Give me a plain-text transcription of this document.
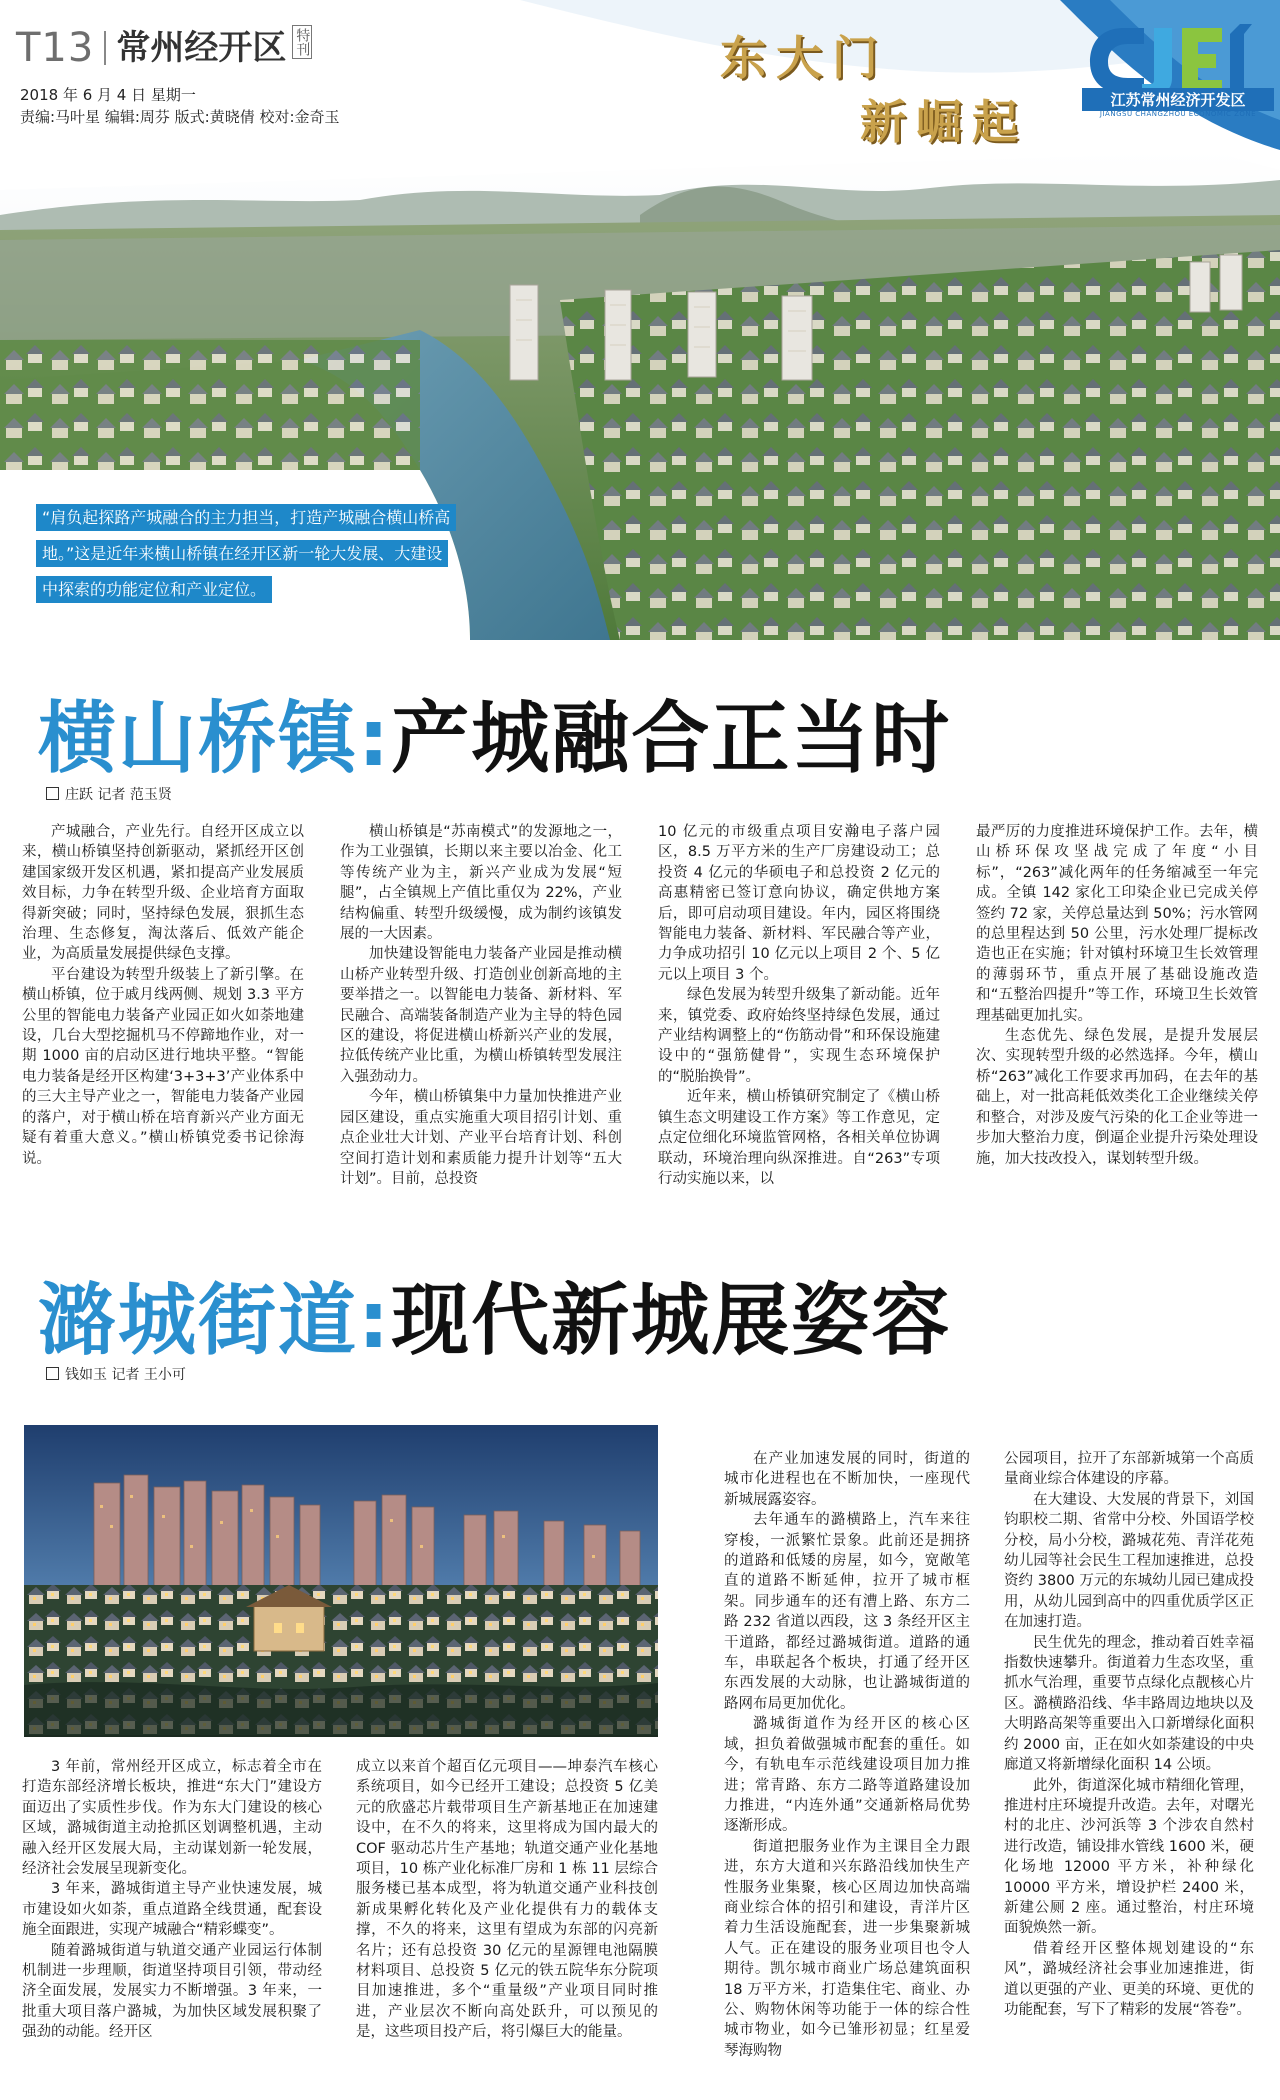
T13 常州经开区 特刊
2018 年 6 月 4 日 星期一
责编:马叶星 编辑:周芬 版式:黄晓倩 校对:金奇玉
东大门
新崛起	江苏常州经济开发区
JIANGSU CHANGZHOU ECONOMIC ZONE
“肩负起探路产城融合的主力担当，打造产城融合横山桥高地。”这是近年来横山桥镇在经开区新一轮大发展、大建设中探索的功能定位和产业定位。
横山桥镇:产城融合正当时
庄跃 记者 范玉贤

产城融合，产业先行。自经开区成立以来，横山桥镇坚持创新驱动，紧抓经开区创建国家级开发区机遇，紧扣提高产业发展质效目标，力争在转型升级、企业培育方面取得新突破；同时，坚持绿色发展，狠抓生态治理、生态修复，淘汰落后、低效产能企业，为高质量发展提供绿色支撑。

平台建设为转型升级装上了新引擎。在横山桥镇，位于戚月线两侧、规划 3.3 平方公里的智能电力装备产业园正如火如荼地建设，几台大型挖掘机马不停蹄地作业，对一期 1000 亩的启动区进行地块平整。“智能电力装备是经开区构建‘3+3+3’产业体系中的三大主导产业之一，智能电力装备产业园的落户，对于横山桥在培育新兴产业方面无疑有着重大意义。”横山桥镇党委书记徐海说。

横山桥镇是“苏南模式”的发源地之一，作为工业强镇，长期以来主要以冶金、化工等传统产业为主，新兴产业成为发展“短腿”，占全镇规上产值比重仅为 22%，产业结构偏重、转型升级缓慢，成为制约该镇发展的一大因素。

加快建设智能电力装备产业园是推动横山桥产业转型升级、打造创业创新高地的主要举措之一。以智能电力装备、新材料、军民融合、高端装备制造产业为主导的特色园区的建设，将促进横山桥新兴产业的发展，拉低传统产业比重，为横山桥镇转型发展注入强劲动力。

今年，横山桥镇集中力量加快推进产业园区建设，重点实施重大项目招引计划、重点企业壮大计划、产业平台培育计划、科创空间打造计划和素质能力提升计划等“五大计划”。目前，总投资

10 亿元的市级重点项目安瀚电子落户园区，8.5 万平方米的生产厂房建设动工；总投资 4 亿元的华硕电子和总投资 2 亿元的高惠精密已签订意向协议，确定供地方案后，即可启动项目建设。年内，园区将围绕智能电力装备、新材料、军民融合等产业，力争成功招引 10 亿元以上项目 2 个、5 亿元以上项目 3 个。

绿色发展为转型升级集了新动能。近年来，镇党委、政府始终坚持绿色发展，通过产业结构调整上的“伤筋动骨”和环保设施建设中的“强筋健骨”，实现生态环境保护的“脱胎换骨”。

近年来，横山桥镇研究制定了《横山桥镇生态文明建设工作方案》等工作意见，定点定位细化环境监管网格，各相关单位协调联动，环境治理向纵深推进。自“263”专项行动实施以来，以

最严厉的力度推进环境保护工作。去年，横山桥环保攻坚战完成了年度“小目标”，“263”减化两年的任务缩减至一年完成。全镇 142 家化工印染企业已完成关停签约 72 家，关停总量达到 50%；污水管网的总里程达到 50 公里，污水处理厂提标改造也正在实施；针对镇村环境卫生长效管理的薄弱环节，重点开展了基础设施改造和“五整治四提升”等工作，环境卫生长效管理基础更加扎实。

生态优先、绿色发展，是提升发展层次、实现转型升级的必然选择。今年，横山桥“263”减化工作要求再加码，在去年的基础上，对一批高耗低效类化工企业继续关停和整合，对涉及废气污染的化工企业等进一步加大整治力度，倒逼企业提升污染处理设施，加大技改投入，谋划转型升级。

潞城街道:现代新城展姿容
钱如玉 记者 王小可

3 年前，常州经开区成立，标志着全市在打造东部经济增长板块，推进“东大门”建设方面迈出了实质性步伐。作为东大门建设的核心区域，潞城街道主动抢抓区划调整机遇，主动融入经开区发展大局，主动谋划新一轮发展，经济社会发展呈现新变化。

3 年来，潞城街道主导产业快速发展，城市建设如火如荼，重点道路全线贯通，配套设施全面跟进，实现产城融合“精彩蝶变”。

随着潞城街道与轨道交通产业园运行体制机制进一步理顺，街道坚持项目引领，带动经济全面发展，发展实力不断增强。3 年来，一批重大项目落户潞城，为加快区域发展积聚了强劲的动能。经开区

成立以来首个超百亿元项目——坤泰汽车核心系统项目，如今已经开工建设；总投资 5 亿美元的欣盛芯片载带项目生产新基地正在加速建设中，在不久的将来，这里将成为国内最大的 COF 驱动芯片生产基地；轨道交通产业化基地项目，10 栋产业化标准厂房和 1 栋 11 层综合服务楼已基本成型，将为轨道交通产业科技创新成果孵化转化及产业化提供有力的载体支撑，不久的将来，这里有望成为东部的闪亮新名片；还有总投资 30 亿元的星源锂电池隔膜材料项目、总投资 5 亿元的铁五院华东分院项目加速推进，多个“重量级”产业项目同时推进，产业层次不断向高处跃升，可以预见的是，这些项目投产后，将引爆巨大的能量。

在产业加速发展的同时，街道的城市化进程也在不断加快，一座现代新城展露姿容。

去年通车的潞横路上，汽车来往穿梭，一派繁忙景象。此前还是拥挤的道路和低矮的房屋，如今，宽敞笔直的道路不断延伸，拉开了城市框架。同步通车的还有漕上路、东方二路 232 省道以西段，这 3 条经开区主干道路，都经过潞城街道。道路的通车，串联起各个板块，打通了经开区东西发展的大动脉，也让潞城街道的路网布局更加优化。

潞城街道作为经开区的核心区域，担负着做强城市配套的重任。如今，有轨电车示范线建设项目加力推进；常青路、东方二路等道路建设加力推进，“内连外通”交通新格局优势逐渐形成。

街道把服务业作为主课目全力跟进，东方大道和兴东路沿线加快生产性服务业集聚，核心区周边加快高端商业综合体的招引和建设，青洋片区着力生活设施配套，进一步集聚新城人气。正在建设的服务业项目也令人期待。凯尔城市商业广场总建筑面积 18 万平方米，打造集住宅、商业、办公、购物休闲等功能于一体的综合性城市物业，如今已雏形初显；红星爱琴海购物

公园项目，拉开了东部新城第一个高质量商业综合体建设的序幕。

在大建设、大发展的背景下，刘国钧职校二期、省常中分校、外国语学校分校，局小分校，潞城花苑、青洋花苑幼儿园等社会民生工程加速推进，总投资约 3800 万元的东城幼儿园已建成投用，从幼儿园到高中的四重优质学区正在加速打造。

民生优先的理念，推动着百姓幸福指数快速攀升。街道着力生态攻坚，重抓水气治理，重要节点绿化点靓核心片区。潞横路沿线、华丰路周边地块以及大明路高架等重要出入口新增绿化面积约 2000 亩，正在如火如荼建设的中央廊道又将新增绿化面积 14 公顷。

此外，街道深化城市精细化管理，推进村庄环境提升改造。去年，对曙光村的北庄、沙河浜等 3 个涉农自然村进行改造，铺设排水管线 1600 米，硬化场地 12000 平方米，补种绿化 10000 平方米，增设护栏 2400 米，新建公厕 2 座。通过整治，村庄环境面貌焕然一新。

借着经开区整体规划建设的“东风”，潞城经济社会事业加速推进，街道以更强的产业、更美的环境、更优的功能配套，写下了精彩的发展“答卷”。
